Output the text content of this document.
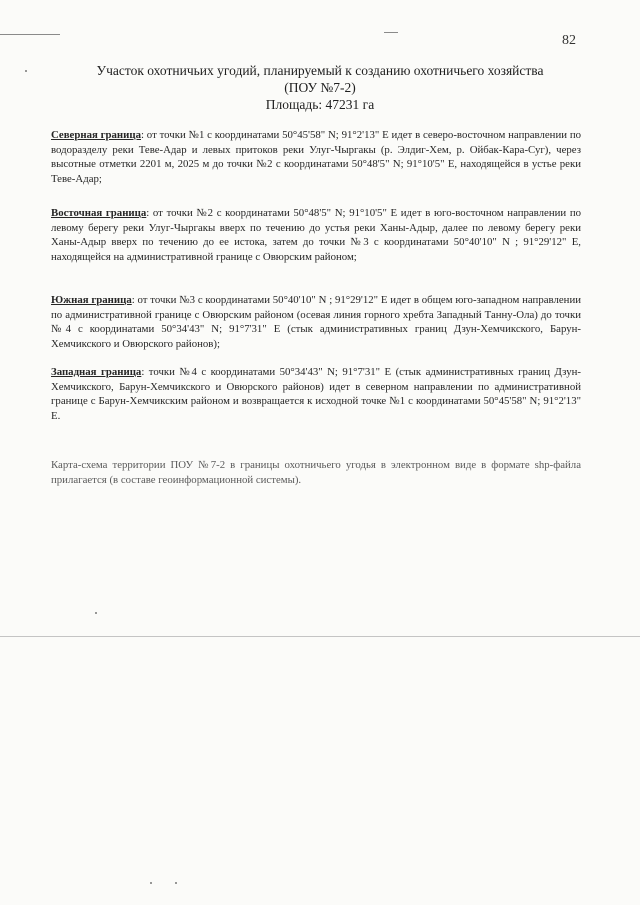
82
Участок охотничьих угодий, планируемый к созданию охотничьего хозяйства
(ПОУ №7-2)
Площадь: 47231 га
Северная граница: от точки №1 с координатами 50°45'58" N; 91°2'13" E идет в северо-восточном направлении по водоразделу реки Теве-Адар и левых притоков реки Улуг-Чыргакы (р. Элдиг-Хем, р. Ойбак-Кара-Суг), через высотные отметки 2201 м, 2025 м до точки №2 с координатами 50°48'5" N; 91°10'5" E, находящейся в устье реки Теве-Адар;
Восточная граница: от точки №2 с координатами 50°48'5" N; 91°10'5" E идет в юго-восточном направлении по левому берегу реки Улуг-Чыргакы вверх по течению до устья реки Ханы-Адыр, далее по левому берегу реки Ханы-Адыр вверх по течению до ее истока, затем до точки №3 с координатами 50°40'10" N ; 91°29'12" E, находящейся на административной границе с Овюрским районом;
Южная граница: от точки №3 с координатами 50°40'10" N ; 91°29'12" E идет в общем юго-западном направлении по административной границе с Овюрским районом (осевая линия горного хребта Западный Танну-Ола) до точки №4 с координатами 50°34'43" N; 91°7'31" E (стык административных границ Дзун-Хемчикского, Барун-Хемчикского и Овюрского районов);
Западная граница: точки №4 с координатами 50°34'43" N; 91°7'31" E (стык административных границ Дзун-Хемчикского, Барун-Хемчикского и Овюрского районов) идет в северном направлении по административной границе с Барун-Хемчикским районом и возвращается к исходной точке №1 с координатами 50°45'58" N; 91°2'13" E.
Карта-схема территории ПОУ №7-2 в границы охотничьего угодья в электронном виде в формате shp-файла прилагается (в составе геоинформационной системы).
